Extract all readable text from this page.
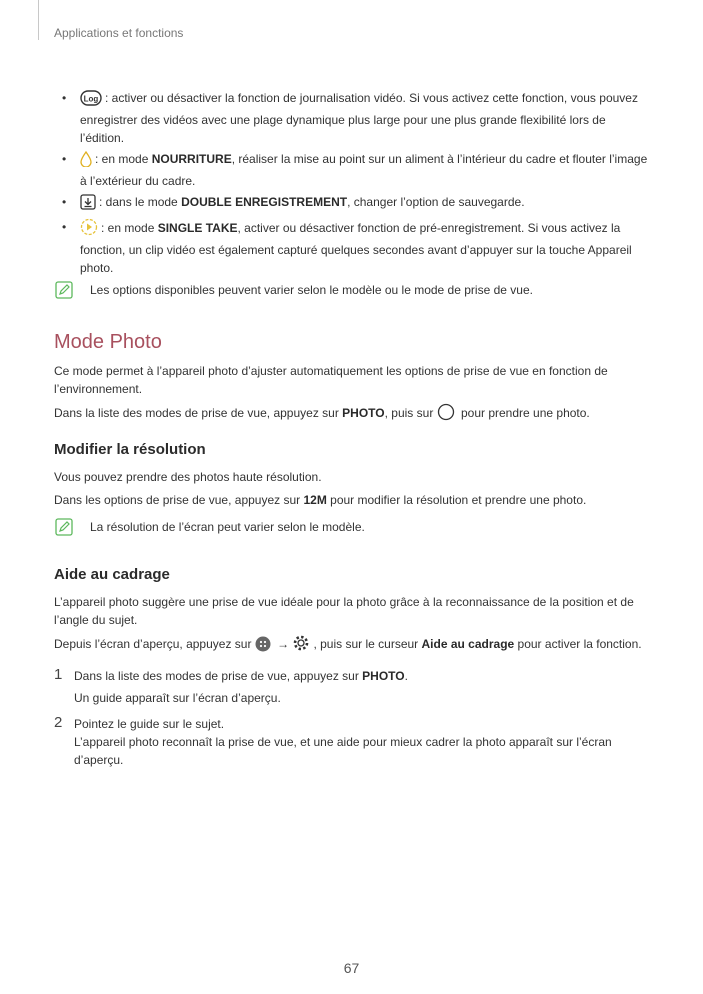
Applications et fonctions
• Log : activer ou désactiver la fonction de journalisation vidéo. Si vous activez cette fonction, vous pouvez enregistrer des vidéos avec une plage dynamique plus large pour une plus grande flexibilité lors de l’édition.
• : en mode NOURRITURE, réaliser la mise au point sur un aliment à l’intérieur du cadre et flouter l’image à l’extérieur du cadre.
• : dans le mode DOUBLE ENREGISTREMENT, changer l’option de sauvegarde.
• : en mode SINGLE TAKE, activer ou désactiver fonction de pré-enregistrement. Si vous activez la fonction, un clip vidéo est également capturé quelques secondes avant d’appuyer sur la touche Appareil photo.
Les options disponibles peuvent varier selon le modèle ou le mode de prise de vue.
Mode Photo

Ce mode permet à l’appareil photo d’ajuster automatiquement les options de prise de vue en fonction de l’environnement.

Dans la liste des modes de prise de vue, appuyez sur PHOTO, puis sur  pour prendre une photo.

Modifier la résolution

Vous pouvez prendre des photos haute résolution.

Dans les options de prise de vue, appuyez sur 12M pour modifier la résolution et prendre une photo.

La résolution de l’écran peut varier selon le modèle.
Aide au cadrage

L’appareil photo suggère une prise de vue idéale pour la photo grâce à la reconnaissance de la position et de l’angle du sujet.

Depuis l’écran d’aperçu, appuyez sur  → , puis sur le curseur Aide au cadrage pour activer la fonction.

1 Dans la liste des modes de prise de vue, appuyez sur PHOTO.

Un guide apparaît sur l’écran d’aperçu.

2 Pointez le guide sur le sujet.

L’appareil photo reconnaît la prise de vue, et une aide pour mieux cadrer la photo apparaît sur l’écran d’aperçu.

67
